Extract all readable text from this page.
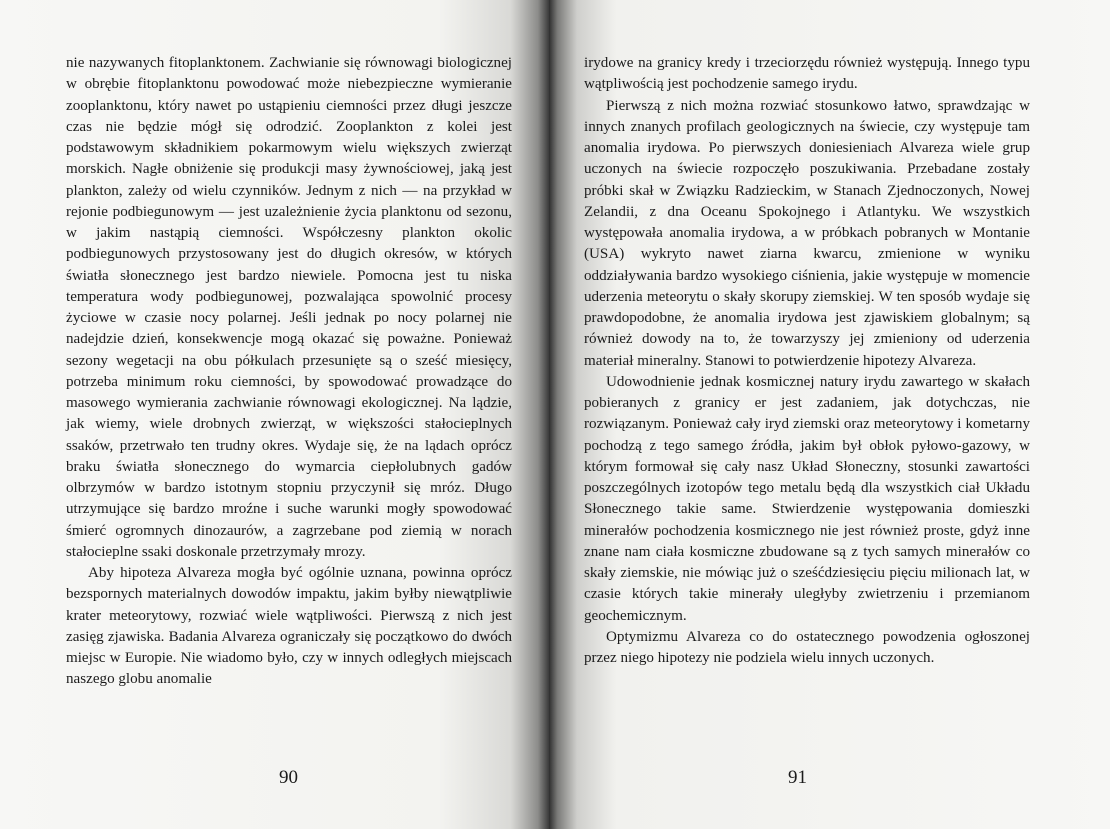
nie nazywanych fitoplanktonem. Zachwianie się równowagi biologicznej w obrębie fitoplanktonu powodować może niebezpieczne wymieranie zooplanktonu, który nawet po ustąpieniu ciemności przez długi jeszcze czas nie będzie mógł się odrodzić. Zooplankton z kolei jest podstawowym składnikiem pokarmowym wielu większych zwierząt morskich. Nagłe obniżenie się produkcji masy żywnościowej, jaką jest plankton, zależy od wielu czynników. Jednym z nich — na przykład w rejonie podbiegunowym — jest uzależnienie życia planktonu od sezonu, w jakim nastąpią ciemności. Współczesny plankton okolic podbiegunowych przystosowany jest do długich okresów, w których światła słonecznego jest bardzo niewiele. Pomocna jest tu niska temperatura wody podbiegunowej, pozwalająca spowolnić procesy życiowe w czasie nocy polarnej. Jeśli jednak po nocy polarnej nie nadejdzie dzień, konsekwencje mogą okazać się poważne. Ponieważ sezony wegetacji na obu półkulach przesunięte są o sześć miesięcy, potrzeba minimum roku ciemności, by spowodować prowadzące do masowego wymierania zachwianie równowagi ekologicznej. Na lądzie, jak wiemy, wiele drobnych zwierząt, w większości stałocieplnych ssaków, przetrwało ten trudny okres. Wydaje się, że na lądach oprócz braku światła słonecznego do wymarcia ciepłolubnych gadów olbrzymów w bardzo istotnym stopniu przyczynił się mróz. Długo utrzymujące się bardzo mroźne i suche warunki mogły spowodować śmierć ogromnych dinozaurów, a zagrzebane pod ziemią w norach stałocieplne ssaki doskonale przetrzymały mrozy.

Aby hipoteza Alvareza mogła być ogólnie uznana, powinna oprócz bezspornych materialnych dowodów impaktu, jakim byłby niewątpliwie krater meteorytowy, rozwiać wiele wątpliwości. Pierwszą z nich jest zasięg zjawiska. Badania Alvareza ograniczały się początkowo do dwóch miejsc w Europie. Nie wiadomo było, czy w innych odległych miejscach naszego globu anomalie

90

irydowe na granicy kredy i trzeciorzędu również występują. Innego typu wątpliwością jest pochodzenie samego irydu.

Pierwszą z nich można rozwiać stosunkowo łatwo, sprawdzając w innych znanych profilach geologicznych na świecie, czy występuje tam anomalia irydowa. Po pierwszych doniesieniach Alvareza wiele grup uczonych na świecie rozpoczęło poszukiwania. Przebadane zostały próbki skał w Związku Radzieckim, w Stanach Zjednoczonych, Nowej Zelandii, z dna Oceanu Spokojnego i Atlantyku. We wszystkich występowała anomalia irydowa, a w próbkach pobranych w Montanie (USA) wykryto nawet ziarna kwarcu, zmienione w wyniku oddziaływania bardzo wysokiego ciśnienia, jakie występuje w momencie uderzenia meteorytu o skały skorupy ziemskiej. W ten sposób wydaje się prawdopodobne, że anomalia irydowa jest zjawiskiem globalnym; są również dowody na to, że towarzyszy jej zmieniony od uderzenia materiał mineralny. Stanowi to potwierdzenie hipotezy Alvareza.

Udowodnienie jednak kosmicznej natury irydu zawartego w skałach pobieranych z granicy er jest zadaniem, jak dotychczas, nie rozwiązanym. Ponieważ cały iryd ziemski oraz meteorytowy i kometarny pochodzą z tego samego źródła, jakim był obłok pyłowo-gazowy, w którym formował się cały nasz Układ Słoneczny, stosunki zawartości poszczególnych izotopów tego metalu będą dla wszystkich ciał Układu Słonecznego takie same. Stwierdzenie występowania domieszki minerałów pochodzenia kosmicznego nie jest również proste, gdyż inne znane nam ciała kosmiczne zbudowane są z tych samych minerałów co skały ziemskie, nie mówiąc już o sześćdziesięciu pięciu milionach lat, w czasie których takie minerały uległyby zwietrzeniu i przemianom geochemicznym.

Optymizmu Alvareza co do ostatecznego powodzenia ogłoszonej przez niego hipotezy nie podziela wielu innych uczonych.

91
